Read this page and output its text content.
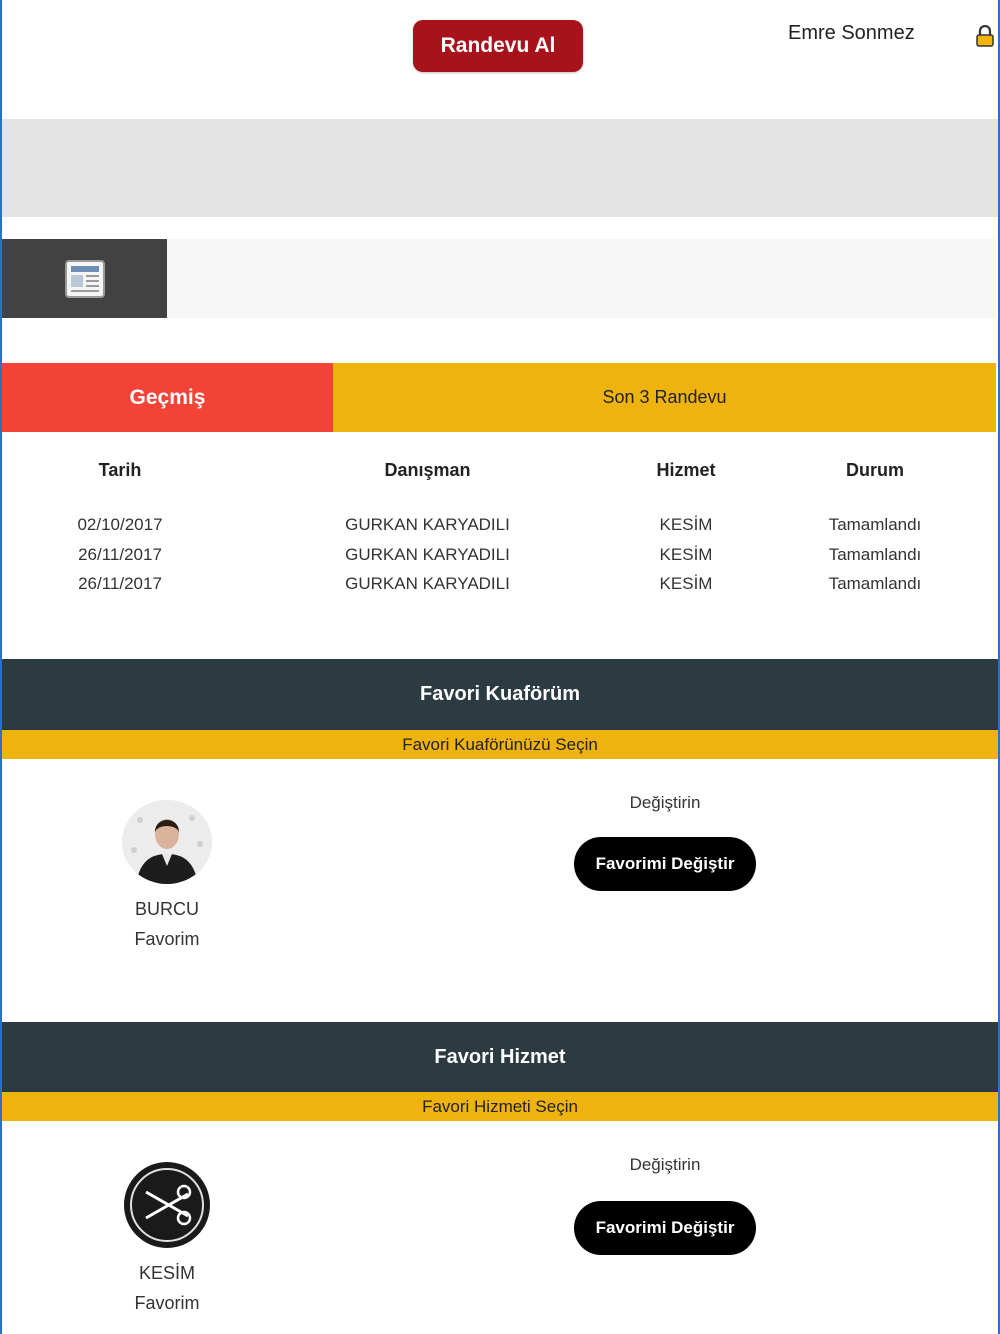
Randevu Al
Emre Sonmez
Geçmiş	Son 3 Randevu
Tarih	Danışman	Hizmet	Durum
02/10/2017	GURKAN KARYADILI	KESİM	Tamamlandı
26/11/2017	GURKAN KARYADILI	KESİM	Tamamlandı
26/11/2017	GURKAN KARYADILI	KESİM	Tamamlandı
Favori Kuaförüm
Favori Kuaförünüzü Seçin
BURCU
Favorim
Değiştirin
Favorimi Değiştir
Favori Hizmet
Favori Hizmeti Seçin
KESİM
Favorim
Değiştirin
Favorimi Değiştir
